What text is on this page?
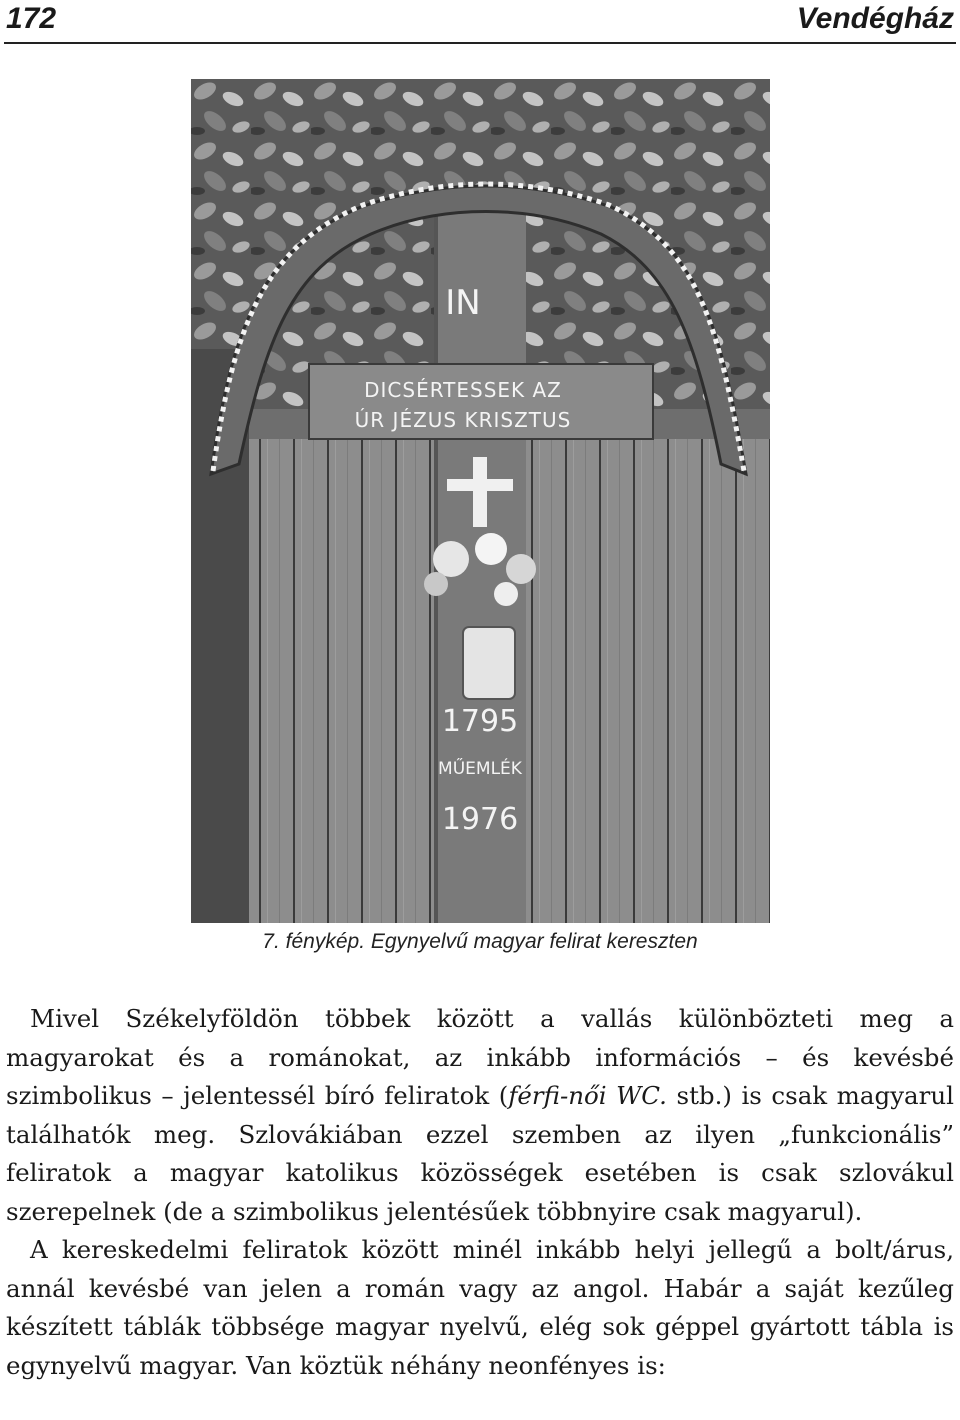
172	Vendégház
DICSÉRTESSEK AZ
ÚR JÉZUS KRISZTUS
IN
1795
MŰEMLÉK
1976
7. fénykép. Egynyelvű magyar felirat kereszten

Mivel Székelyföldön többek között a vallás különbözteti meg a magyarokat és a románokat, az inkább információs – és kevésbé szimbolikus – jelentessél bíró feliratok (férfi-női WC. stb.) is csak magyarul találhatók meg. Szlovákiában ezzel szemben az ilyen „funkcionális” feliratok a magyar katolikus közösségek esetében is csak szlovákul szerepelnek (de a szimbolikus jelentésűek többnyire csak magyarul).

A kereskedelmi feliratok között minél inkább helyi jellegű a bolt/árus, annál kevésbé van jelen a román vagy az angol. Habár a saját kezűleg készített táblák többsége magyar nyelvű, elég sok géppel gyártott tábla is egynyelvű magyar. Van köztük néhány neonfényes is:
